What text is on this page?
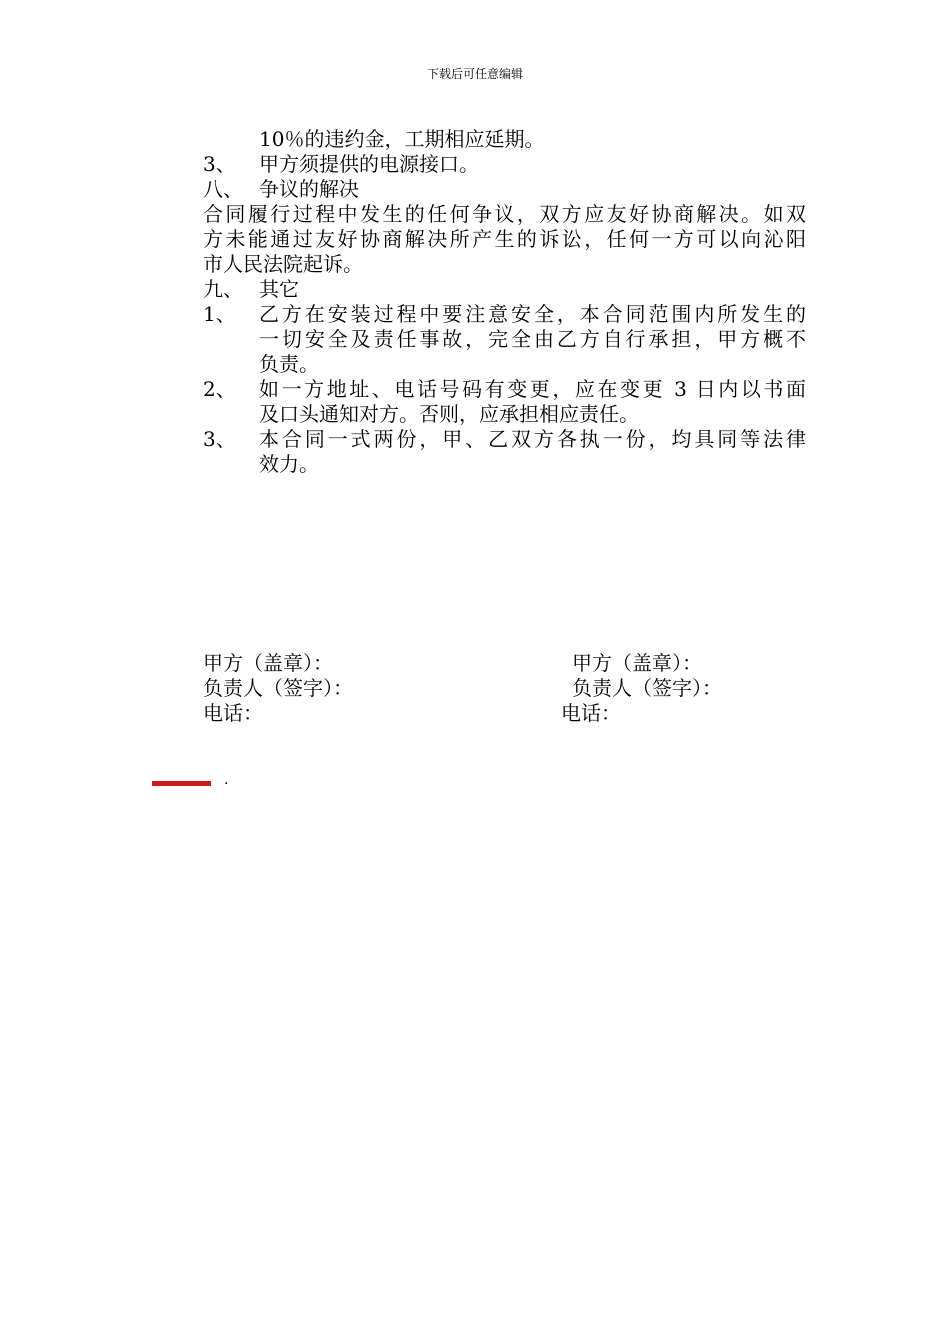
下载后可任意编辑
10％的违约金，工期相应延期。
3、 甲方须提供的电源接口。
八、 争议的解决
合同履行过程中发生的任何争议，双方应友好协商解决。如双
方未能通过友好协商解决所产生的诉讼，任何一方可以向沁阳
市人民法院起诉。
九、 其它
1、 乙方在安装过程中要注意安全，本合同范围内所发生的
一切安全及责任事故，完全由乙方自行承担，甲方概不
负责。
2、 如一方地址、电话号码有变更，应在变更 3 日内以书面
及口头通知对方。否则，应承担相应责任。
3、 本合同一式两份，甲、乙双方各执一份，均具同等法律
效力。
甲方（盖章）：
负责人（签字）：
电话：
甲方（盖章）：
负责人（签字）：
电话：
.
